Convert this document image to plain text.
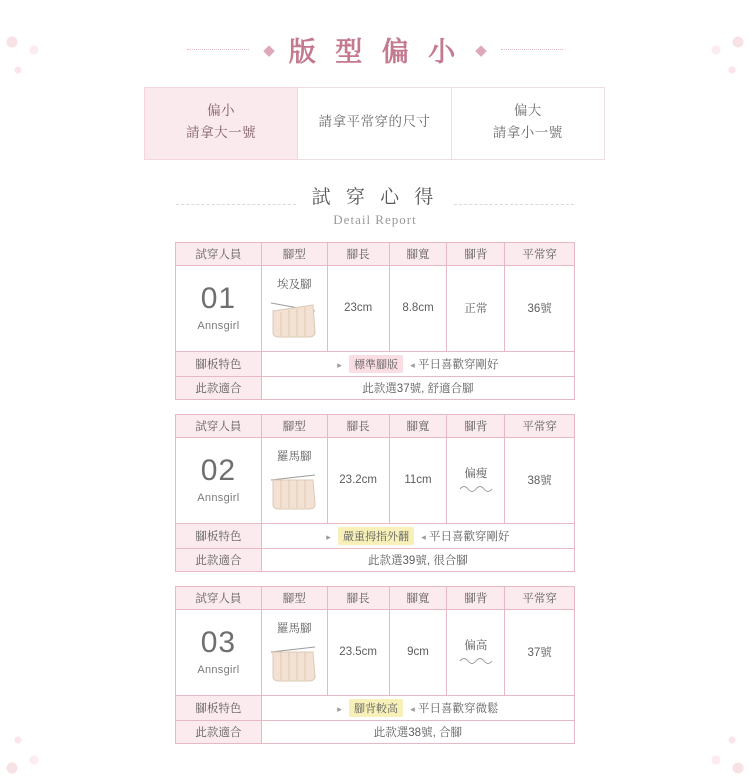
◆ 版 型 偏 小 ◆
偏小
請拿大一號
請拿平常穿的尺寸
偏大
請拿小一號
試 穿 心 得
Detail Report
試穿人員	腳型	腳長	腳寬	腳背	平常穿

01
Annsgirl	埃及腳	23cm	8.8cm	正常	36號
腳板特色	▸ 標準腳版 ◂ 平日喜歡穿剛好				
此款適合	此款選37號, 舒適合腳				
試穿人員	腳型	腳長	腳寬	腳背	平常穿

02
Annsgirl	羅馬腳	23.2cm	11cm	偏瘦	38號
腳板特色	▸ 嚴重拇指外翻 ◂ 平日喜歡穿剛好				
此款適合	此款選39號, 很合腳				
試穿人員	腳型	腳長	腳寬	腳背	平常穿

03
Annsgirl	羅馬腳	23.5cm	9cm	偏高	37號
腳板特色	▸ 腳背較高 ◂ 平日喜歡穿微鬆				
此款適合	此款選38號, 合腳				
